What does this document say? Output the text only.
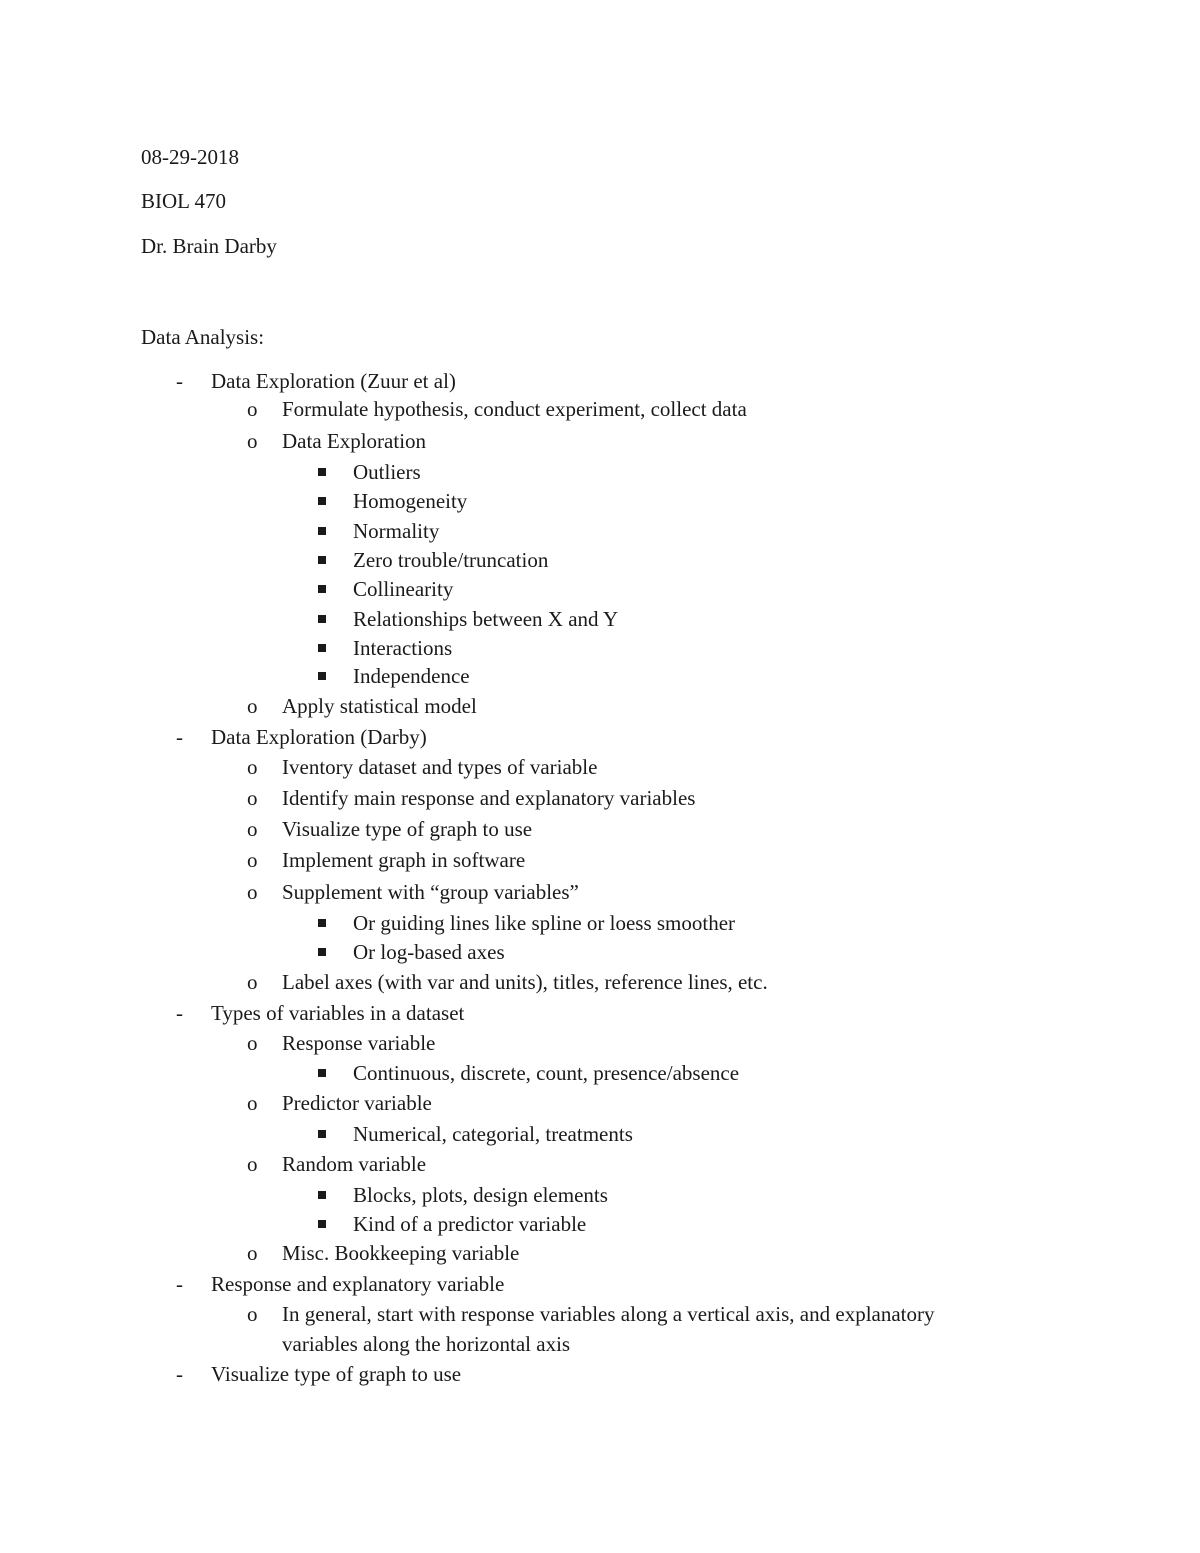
08-29-2018
BIOL 470
Dr. Brain Darby
Data Analysis:
- Data Exploration (Zuur et al)
o Formulate hypothesis, conduct experiment, collect data
o Data Exploration
Outliers
Homogeneity
Normality
Zero trouble/truncation
Collinearity
Relationships between X and Y
Interactions
Independence
o Apply statistical model
- Data Exploration (Darby)
o Iventory dataset and types of variable
o Identify main response and explanatory variables
o Visualize type of graph to use
o Implement graph in software
o Supplement with “group variables”
Or guiding lines like spline or loess smoother
Or log-based axes
o Label axes (with var and units), titles, reference lines, etc.
- Types of variables in a dataset
o Response variable
Continuous, discrete, count, presence/absence
o Predictor variable
Numerical, categorial, treatments
o Random variable
Blocks, plots, design elements
Kind of a predictor variable
o Misc. Bookkeeping variable
- Response and explanatory variable
o In general, start with response variables along a vertical axis, and explanatory
variables along the horizontal axis
- Visualize type of graph to use
